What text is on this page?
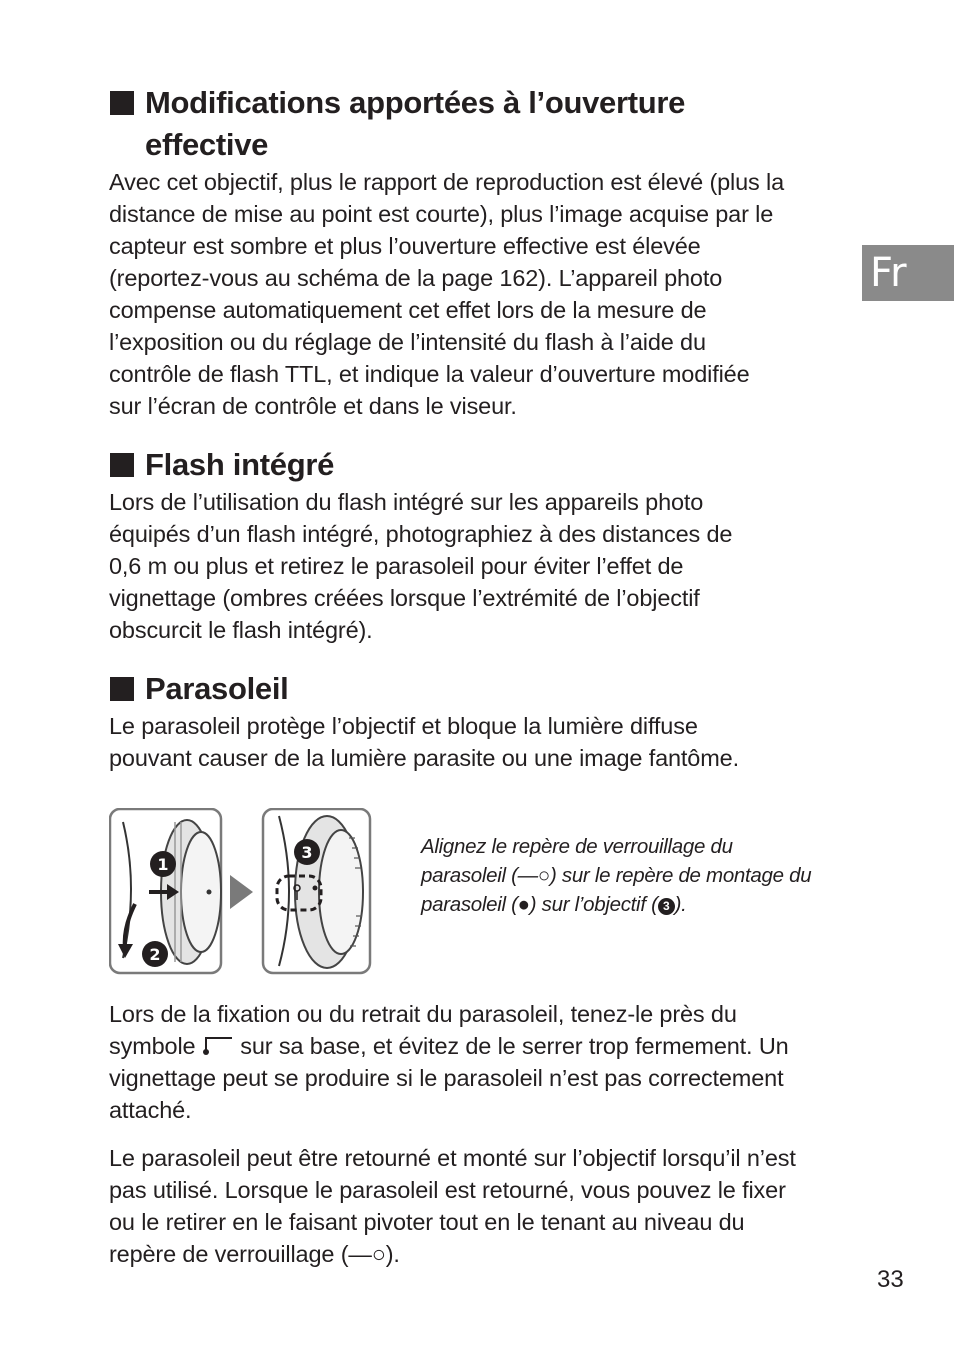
Fr
Modifications apportées à l’ouverture
effective

Avec cet objectif, plus le rapport de reproduction est élevé (plus la
distance de mise au point est courte), plus l’image acquise par le
capteur est sombre et plus l’ouverture effective est élevée
(reportez-vous au schéma de la page 162). L’appareil photo
compense automatiquement cet effet lors de la mesure de
l’exposition ou du réglage de l’intensité du flash à l’aide du
contrôle de flash TTL, et indique la valeur d’ouverture modifiée
sur l’écran de contrôle et dans le viseur.

Flash intégré

Lors de l’utilisation du flash intégré sur les appareils photo
équipés d’un flash intégré, photographiez à des distances de
0,6 m ou plus et retirez le parasoleil pour éviter l’effet de
vignettage (ombres créées lorsque l’extrémité de l’objectif
obscurcit le flash intégré).

Parasoleil

Le parasoleil protège l’objectif et bloque la lumière diffuse
pouvant causer de la lumière parasite ou une image fantôme.

1
2
3	Alignez le repère de verrouillage du
parasoleil (—○) sur le repère de montage du
parasoleil (●) sur l’objectif ( 3 ).

Lors de la fixation ou du retrait du parasoleil, tenez-le près du
symbole sur sa base, et évitez de le serrer trop fermement. Un
vignettage peut se produire si le parasoleil n’est pas correctement
attaché.

Le parasoleil peut être retourné et monté sur l’objectif lorsqu’il n’est
pas utilisé. Lorsque le parasoleil est retourné, vous pouvez le fixer
ou le retirer en le faisant pivoter tout en le tenant au niveau du
repère de verrouillage (—○).

33
